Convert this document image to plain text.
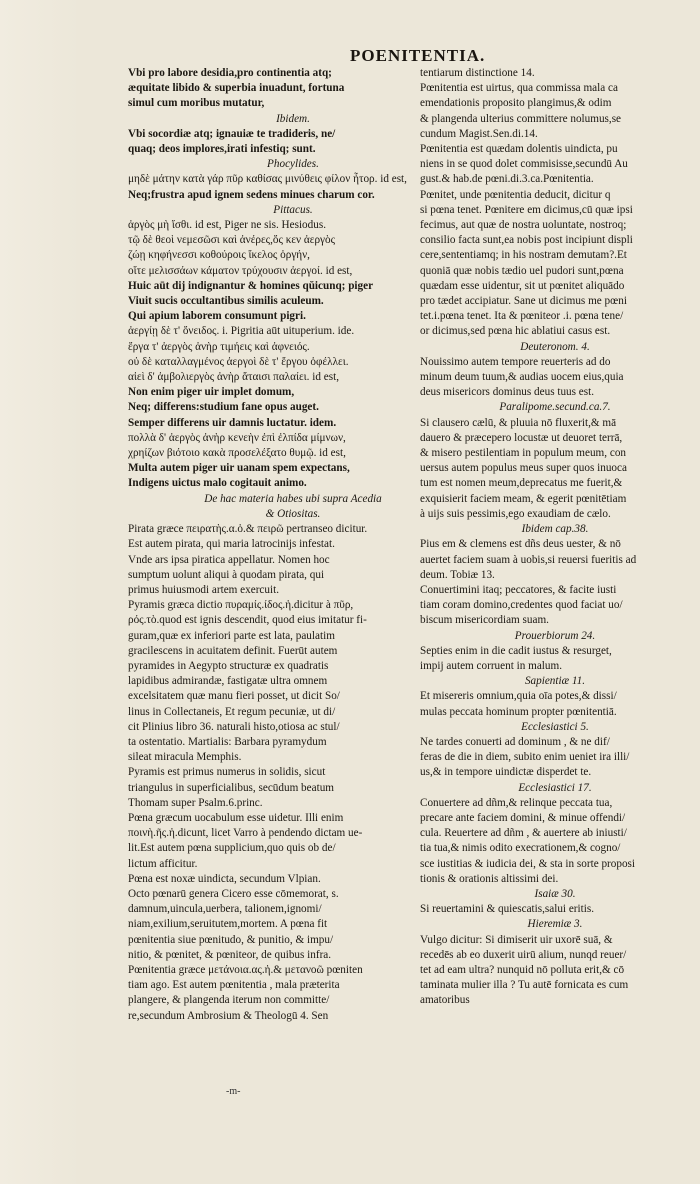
POENITENTIA.
Vbi pro labore desidia,pro continentia atq;
æquitate libido & superbia inuadunt, fortuna
simul cum moribus mutatur,
Ibidem.
Vbi socordiæ atq; ignauiæ te tradideris, ne/
quaq; deos implores,irati infestiq; sunt.
Phocylides.
μηδὲ μάτην κατὰ γάρ πῦρ καθίσας μινύθεις φίλον ἦτορ. id est,
Neq;frustra apud ignem sedens minues charum cor.
Pittacus.
ἀργὸς μὴ ἴσθι. id est, Piger ne sis. Hesiodus.
τῷ δὲ θεοὶ νεμεσῶσι καὶ ἀνέρες,ὅς κεν ἀεργὸς
ζώῃ κηφήνεσσι κοθούροις ἴκελος ὀργήν,
οἵτε μελισσάων κάματον τρύχουσιν ἀεργοί. id est,
Huic aūt dij indignantur & homines qŭicunq; piger
Viuit sucis occultantibus similis aculeum.
Qui apium laborem consumunt pigri.
ἀεργίῃ δὲ τ' ὄνειδος. i. Pigritia aūt uituperium. ide.
ἔργα τ' ἀεργὸς ἀνὴρ τιμήεις καὶ ἀφνειός.
οὐ δὲ καταλλαγμένος ἀεργοὶ δὲ τ' ἔργου ὀφέλλει.
αἰεὶ δ' ἀμβολιεργὸς ἀνὴρ ἄταισι παλαίει. id est,
Non enim piger uir implet domum,
Neq; differens:studium fane opus auget.
Semper differens uir damnis luctatur. idem.
πολλὰ δ' ἀεργὸς ἀνὴρ κενεὴν ἐπὶ ἐλπίδα μίμνων,
χρηίζων βιότοιο κακὰ προσελέξατο θυμῷ. id est,
Multa autem piger uir uanam spem expectans,
Indigens uictus malo cogitauit animo.
De hac materia habes ubi supra Acedia
& Otiositas.
Pirata græce πειρατὴς.α.ὁ.& πειρῶ pertranseo dicitur.
Est autem pirata, qui maria latrocinijs infestat.
Vnde ars ipsa piratica appellatur. Nomen hoc
sumptum uolunt aliqui à quodam pirata, qui
primus huiusmodi artem exercuit.
Pyramis græca dictio πυραμίς.ίδος.ἡ.dicitur à πῦρ,
ρός.τὸ.quod est ignis descendit, quod eius imitatur fi-
guram,quæ ex inferiori parte est lata, paulatim
gracilescens in acuitatem definit. Fuerūt autem
pyramides in Aegypto structuræ ex quadratis
lapidibus admirandæ, fastigatæ ultra omnem
excelsitatem quæ manu fieri posset, ut dicit So/
linus in Collectaneis, Et regum pecuniæ, ut di/
cit Plinius libro 36. naturali histo,otiosa ac stul/
ta ostentatio. Martialis: Barbara pyramydum
sileat miracula Memphis.
Pyramis est primus numerus in solidis, sicut
triangulus in superficialibus, secūdum beatum
Thomam super Psalm.6.princ.
Pœna græcum uocabulum esse uidetur. Illi enim
ποινὴ.ῆς.ἡ.dicunt, licet Varro à pendendo dictam ue-
lit.Est autem pœna supplicium,quo quis ob de/
lictum afficitur.
Pœna est noxæ uindicta, secundum Vlpian.
Octo pœnarū genera Cicero esse cōmemorat, s.
damnum,uincula,uerbera, talionem,ignomi/
niam,exilium,seruitutem,mortem. A pœna fit
pœnitentia siue pœnitudo, & punitio, & impu/
nitio, & pœnitet, & pœniteor, de quibus infra.
Pœnitentia græce μετάνοια.ας.ἡ.& μετανοῶ pœniten
tiam ago. Est autem pœnitentia , mala præterita
plangere, & plangenda iterum non committe/
re,secundum Ambrosium & Theologū 4. Sen
tentiarum distinctione 14.
Pœnitentia est uirtus, qua commissa mala ca
emendationis proposito plangimus,& odim
& plangenda ulterius committere nolumus,se
cundum Magist.Sen.di.14.
Pœnitentia est quædam dolentis uindicta, pu
niens in se quod dolet commisisse,secundū Au
gust.& hab.de pœni.di.3.ca.Pœnitentia.
Pœnitet, unde pœnitentia deducit, dicitur q
si pœna tenet. Pœnitere em dicimus,cū quæ ipsi
fecimus, aut quæ de nostra uoluntate, nostroq;
consilio facta sunt,ea nobis post incipiunt displi
cere,sententiamq; in his nostram demutam?.Et
quoniā quæ nobis tædio uel pudori sunt,pœna
quædam esse uidentur, sit ut pœnitet aliquādo
pro tædet accipiatur. Sane ut dicimus me pœni
tet.i.pœna tenet. Ita & pœniteor .i. pœna tene/
or dicimus,sed pœna hic ablatiui casus est.
Deuteronom. 4.
Nouissimo autem tempore reuerteris ad do
minum deum tuum,& audias uocem eius,quia
deus misericors dominus deus tuus est.
Paralipome.secund.ca.7.
Si clausero cælū, & pluuia nō fluxerit,& mā
dauero & præcepero locustæ ut deuoret terrā,
& misero pestilentiam in populum meum, con
uersus autem populus meus super quos inuoca
tum est nomen meum,deprecatus me fuerit,&
exquisierit faciem meam, & egerit pœnitētiam
à uijs suis pessimis,ego exaudiam de cælo.
Ibidem cap.38.
Pius em & clemens est dñs deus uester, & nō
auertet faciem suam à uobis,si reuersi fueritis ad
deum. Tobiæ 13.
Conuertimini itaq; peccatores, & facite iusti
tiam coram domino,credentes quod faciat uo/
biscum misericordiam suam.
Prouerbiorum 24.
Septies enim in die cadit iustus & resurget,
impij autem corruent in malum.
Sapientiæ 11.
Et misereris omnium,quia oīa potes,& dissi/
mulas peccata hominum propter pœnitentiā.
Ecclesiastici 5.
Ne tardes conuerti ad dominum , & ne dif/
feras de die in diem, subito enim ueniet ira illi/
us,& in tempore uindictæ disperdet te.
Ecclesiastici 17.
Conuertere ad dñm,& relinque peccata tua,
precare ante faciem domini, & minue offendi/
cula. Reuertere ad dñm , & auertere ab iniusti/
tia tua,& nimis odito execrationem,& cogno/
sce iustitias & iudicia dei, & sta in sorte proposi
tionis & orationis altissimi dei.
Isaiæ 30.
Si reuertamini & quiescatis,salui eritis.
Hieremiæ 3.
Vulgo dicitur: Si dimiserit uir uxorē suā, &
recedēs ab eo duxerit uirū alium, nunqd reuer/
tet ad eam ultra? nunquid nō polluta erit,& cō
taminata mulier illa ? Tu autē fornicata es cum
amatoribus
-m-
